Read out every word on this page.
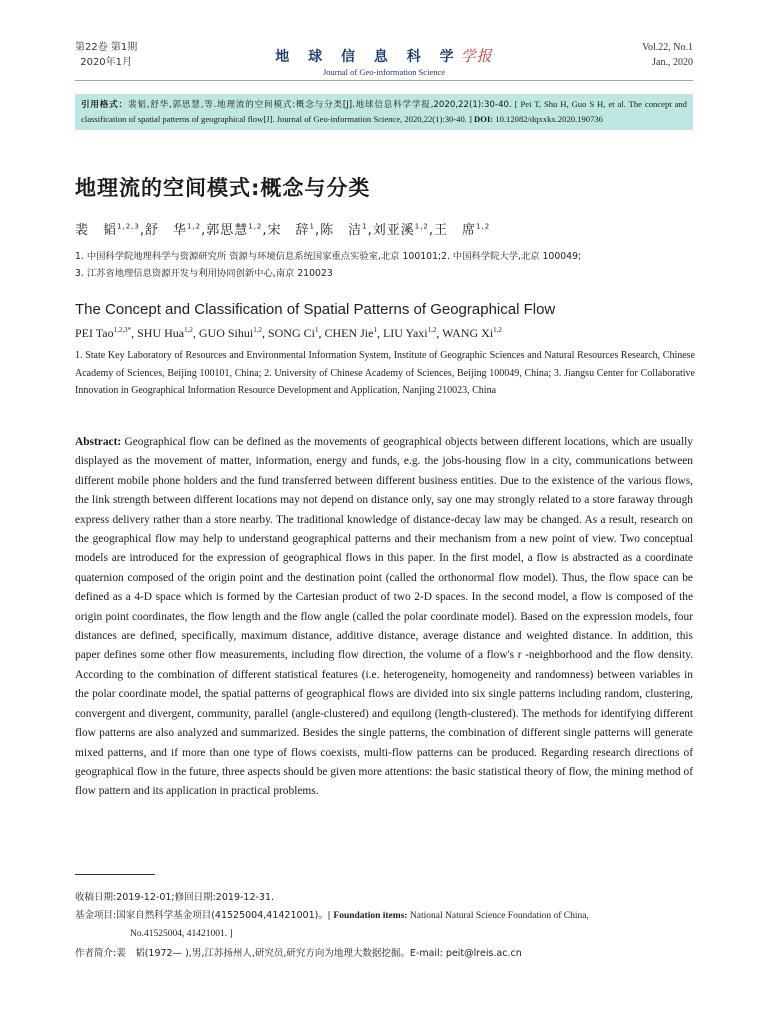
第22卷 第1期
2020年1月	地 球 信 息 科 学学报
Journal of Geo-information Science
Vol.22, No.1
Jan., 2020
引用格式：裴韬,舒华,郭思慧,等.地理流的空间模式:概念与分类[J].地球信息科学学报,2020,22(1):30-40. [ Pei T, Shu H, Guo S H, et al. The concept and classification of spatial patterns of geographical flow[J]. Journal of Geo-information Science, 2020,22(1):30-40. ] DOI: 10.12082/dqxxkx.2020.190736
地理流的空间模式:概念与分类
裴　韬$^{1,2,3}$,舒　华$^{1,2}$,郭思慧$^{1,2}$,宋　辞$^1$,陈　洁$^1$,刘亚溪$^{1,2}$,王　席$^{1,2}$
1. 中国科学院地理科学与资源研究所 资源与环境信息系统国家重点实验室,北京 100101;2. 中国科学院大学,北京 100049;
3. 江苏省地理信息资源开发与利用协同创新中心,南京 210023
The Concept and Classification of Spatial Patterns of Geographical Flow
PEI Tao$^{1,2,3*}$, SHU Hua$^{1,2}$, GUO Sihui$^{1,2}$, SONG Ci$^1$, CHEN Jie$^1$, LIU Yaxi$^{1,2}$, WANG Xi$^{1,2}$
1. State Key Laboratory of Resources and Environmental Information System, Institute of Geographic Sciences and Natural Resources Research, Chinese Academy of Sciences, Beijing 100101, China; 2. University of Chinese Academy of Sciences, Beijing 100049, China; 3. Jiangsu Center for Collaborative Innovation in Geographical Information Resource Development and Application, Nanjing 210023, China
Abstract: Geographical flow can be defined as the movements of geographical objects between different locations, which are usually displayed as the movement of matter, information, energy and funds, e.g. the jobs-housing flow in a city, communications between different mobile phone holders and the fund transferred between different business entities. Due to the existence of the various flows, the link strength between different locations may not depend on distance only, say one may strongly related to a store faraway through express delivery rather than a store nearby. The traditional knowledge of distance-decay law may be changed. As a result, research on the geographical flow may help to understand geographical patterns and their mechanism from a new point of view. Two conceptual models are introduced for the expression of geographical flows in this paper. In the first model, a flow is abstracted as a coordinate quaternion composed of the origin point and the destination point (called the orthonormal flow model). Thus, the flow space can be defined as a 4-D space which is formed by the Cartesian product of two 2-D spaces. In the second model, a flow is composed of the origin point coordinates, the flow length and the flow angle (called the polar coordinate model). Based on the expression models, four distances are defined, specifically, maximum distance, additive distance, average distance and weighted distance. In addition, this paper defines some other flow measurements, including flow direction, the volume of a flow's r -neighborhood and the flow density. According to the combination of different statistical features (i.e. heterogeneity, homogeneity and randomness) between variables in the polar coordinate model, the spatial patterns of geographical flows are divided into six single patterns including random, clustering, convergent and divergent, community, parallel (angle-clustered) and equilong (length-clustered). The methods for identifying different flow patterns are also analyzed and summarized. Besides the single patterns, the combination of different single patterns will generate mixed patterns, and if more than one type of flows coexists, multi-flow patterns can be produced. Regarding research directions of geographical flow in the future, three aspects should be given more attentions: the basic statistical theory of flow, the mining method of flow pattern and its application in practical problems.
收稿日期:2019-12-01;修回日期:2019-12-31.
基金项目:国家自然科学基金项目(41525004,41421001)。[ Foundation items: National Natural Science Foundation of China,
No.41525004, 41421001. ]
作者简介:裴　韬(1972— ),男,江苏扬州人,研究员,研究方向为地理大数据挖掘。E-mail: peit@lreis.ac.cn
